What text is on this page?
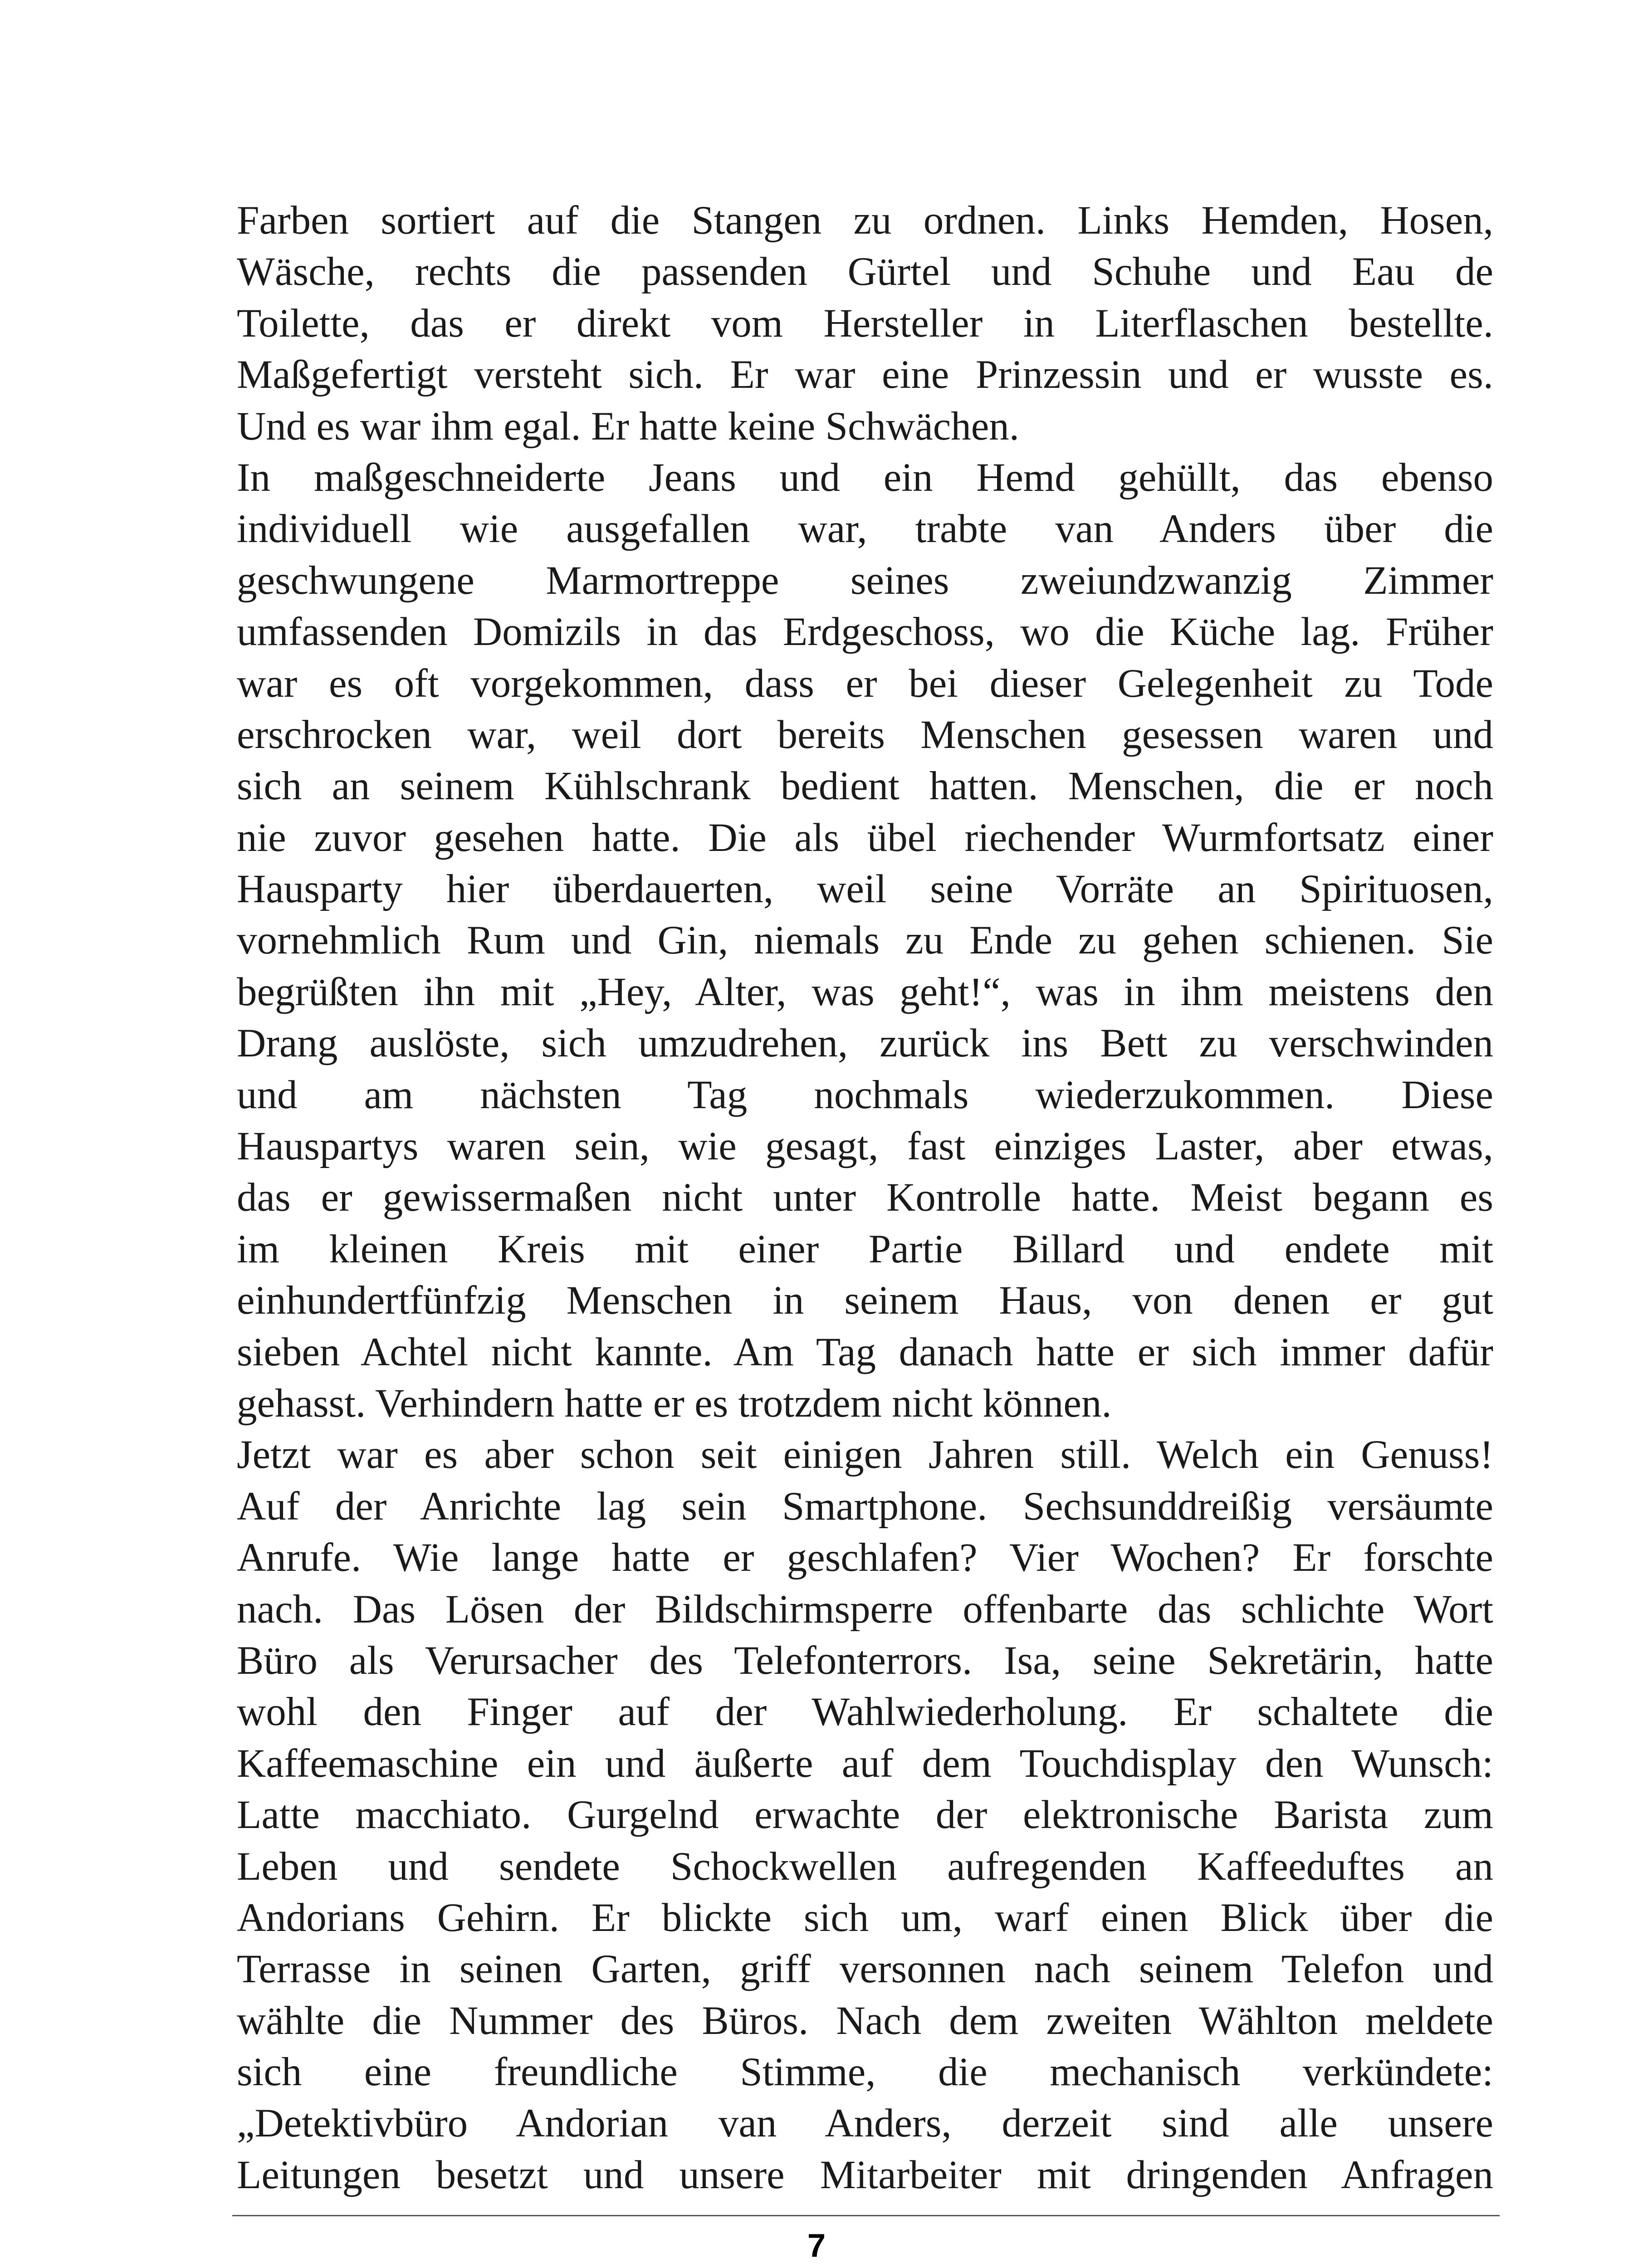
Farben sortiert auf die Stangen zu ordnen. Links Hemden, Hosen,
Wäsche, rechts die passenden Gürtel und Schuhe und Eau de
Toilette, das er direkt vom Hersteller in Literflaschen bestellte.
Maßgefertigt versteht sich. Er war eine Prinzessin und er wusste es.
Und es war ihm egal. Er hatte keine Schwächen.
In maßgeschneiderte Jeans und ein Hemd gehüllt, das ebenso
individuell wie ausgefallen war, trabte van Anders über die
geschwungene Marmortreppe seines zweiundzwanzig Zimmer
umfassenden Domizils in das Erdgeschoss, wo die Küche lag. Früher
war es oft vorgekommen, dass er bei dieser Gelegenheit zu Tode
erschrocken war, weil dort bereits Menschen gesessen waren und
sich an seinem Kühlschrank bedient hatten. Menschen, die er noch
nie zuvor gesehen hatte. Die als übel riechender Wurmfortsatz einer
Hausparty hier überdauerten, weil seine Vorräte an Spirituosen,
vornehmlich Rum und Gin, niemals zu Ende zu gehen schienen. Sie
begrüßten ihn mit „Hey, Alter, was geht!“, was in ihm meistens den
Drang auslöste, sich umzudrehen, zurück ins Bett zu verschwinden
und am nächsten Tag nochmals wiederzukommen. Diese
Hauspartys waren sein, wie gesagt, fast einziges Laster, aber etwas,
das er gewissermaßen nicht unter Kontrolle hatte. Meist begann es
im kleinen Kreis mit einer Partie Billard und endete mit
einhundertfünfzig Menschen in seinem Haus, von denen er gut
sieben Achtel nicht kannte. Am Tag danach hatte er sich immer dafür
gehasst. Verhindern hatte er es trotzdem nicht können.
Jetzt war es aber schon seit einigen Jahren still. Welch ein Genuss!
Auf der Anrichte lag sein Smartphone. Sechsunddreißig versäumte
Anrufe. Wie lange hatte er geschlafen? Vier Wochen? Er forschte
nach. Das Lösen der Bildschirmsperre offenbarte das schlichte Wort
Büro als Verursacher des Telefonterrors. Isa, seine Sekretärin, hatte
wohl den Finger auf der Wahlwiederholung. Er schaltete die
Kaffeemaschine ein und äußerte auf dem Touchdisplay den Wunsch:
Latte macchiato. Gurgelnd erwachte der elektronische Barista zum
Leben und sendete Schockwellen aufregenden Kaffeeduftes an
Andorians Gehirn. Er blickte sich um, warf einen Blick über die
Terrasse in seinen Garten, griff versonnen nach seinem Telefon und
wählte die Nummer des Büros. Nach dem zweiten Wählton meldete
sich eine freundliche Stimme, die mechanisch verkündete:
„Detektivbüro Andorian van Anders, derzeit sind alle unsere
Leitungen besetzt und unsere Mitarbeiter mit dringenden Anfragen
7
